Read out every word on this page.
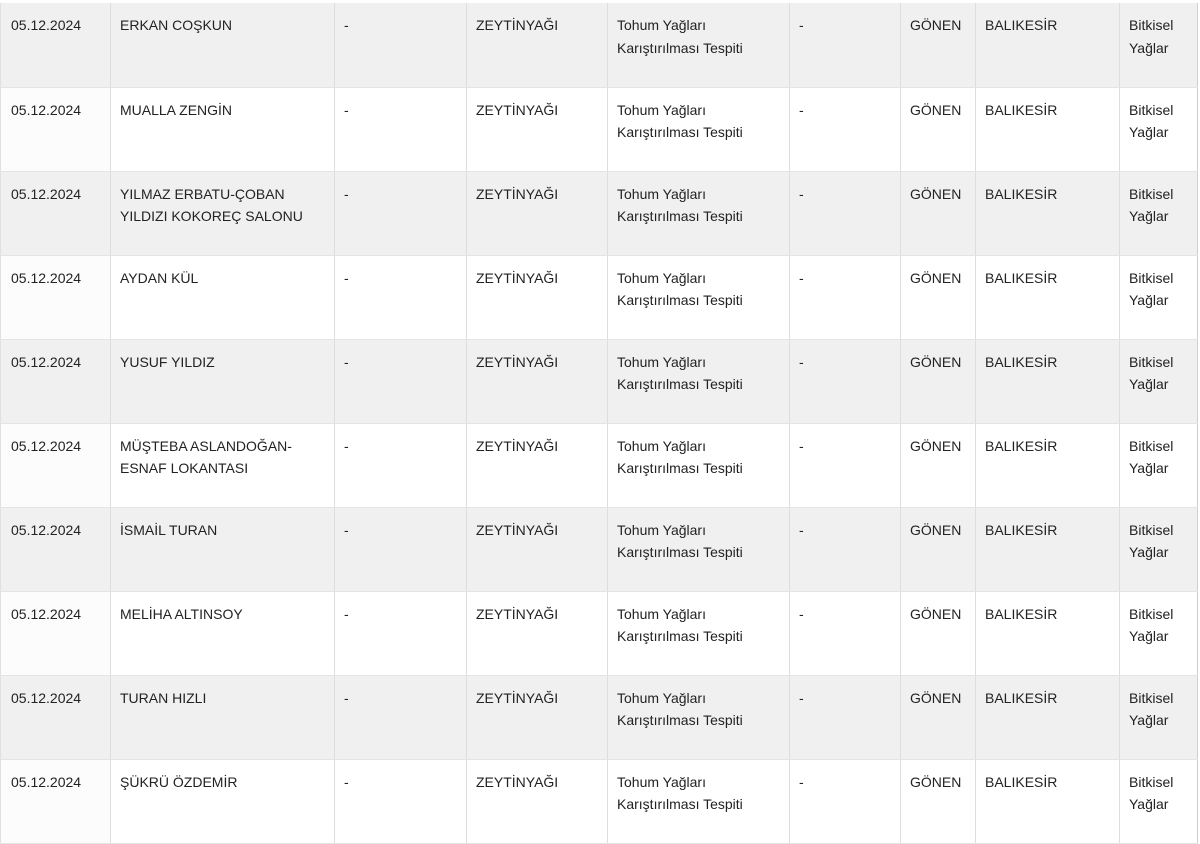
05.12.2024	ERKAN COŞKUN	-	ZEYTİNYAĞI	Tohum Yağları Karıştırılması Tespiti	-	GÖNEN	BALIKESİR	Bitkisel Yağlar
05.12.2024	MUALLA ZENGİN	-	ZEYTİNYAĞI	Tohum Yağları Karıştırılması Tespiti	-	GÖNEN	BALIKESİR	Bitkisel Yağlar
05.12.2024	YILMAZ ERBATU-ÇOBAN YILDIZI KOKOREÇ SALONU	-	ZEYTİNYAĞI	Tohum Yağları Karıştırılması Tespiti	-	GÖNEN	BALIKESİR	Bitkisel Yağlar
05.12.2024	AYDAN KÜL	-	ZEYTİNYAĞI	Tohum Yağları Karıştırılması Tespiti	-	GÖNEN	BALIKESİR	Bitkisel Yağlar
05.12.2024	YUSUF YILDIZ	-	ZEYTİNYAĞI	Tohum Yağları Karıştırılması Tespiti	-	GÖNEN	BALIKESİR	Bitkisel Yağlar
05.12.2024	MÜŞTEBA ASLANDOĞAN-ESNAF LOKANTASI	-	ZEYTİNYAĞI	Tohum Yağları Karıştırılması Tespiti	-	GÖNEN	BALIKESİR	Bitkisel Yağlar
05.12.2024	İSMAİL TURAN	-	ZEYTİNYAĞI	Tohum Yağları Karıştırılması Tespiti	-	GÖNEN	BALIKESİR	Bitkisel Yağlar
05.12.2024	MELİHA ALTINSOY	-	ZEYTİNYAĞI	Tohum Yağları Karıştırılması Tespiti	-	GÖNEN	BALIKESİR	Bitkisel Yağlar
05.12.2024	TURAN HIZLI	-	ZEYTİNYAĞI	Tohum Yağları Karıştırılması Tespiti	-	GÖNEN	BALIKESİR	Bitkisel Yağlar
05.12.2024	ŞÜKRÜ ÖZDEMİR	-	ZEYTİNYAĞI	Tohum Yağları Karıştırılması Tespiti	-	GÖNEN	BALIKESİR	Bitkisel Yağlar
